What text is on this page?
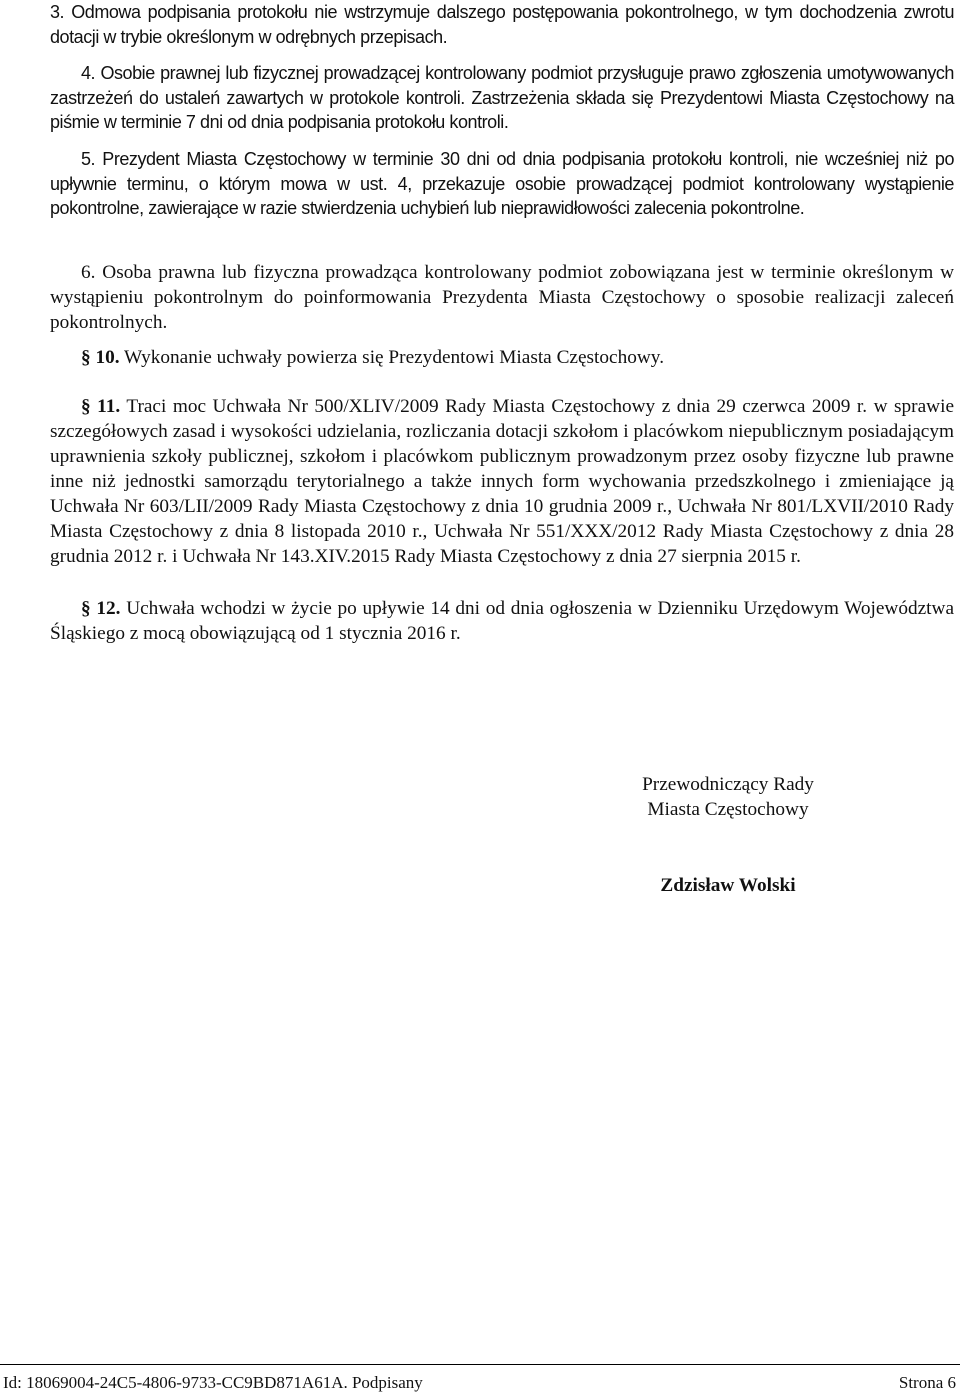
3. Odmowa podpisania protokołu nie wstrzymuje dalszego postępowania pokontrolnego, w tym dochodzenia zwrotu dotacji w trybie określonym w odrębnych przepisach.

4. Osobie prawnej lub fizycznej prowadzącej kontrolowany podmiot przysługuje prawo zgłoszenia umotywowanych zastrzeżeń do ustaleń zawartych w protokole kontroli. Zastrzeżenia składa się Prezydentowi Miasta Częstochowy na piśmie w terminie 7 dni od dnia podpisania protokołu kontroli.

5. Prezydent Miasta Częstochowy w terminie 30 dni od dnia podpisania protokołu kontroli, nie wcześniej niż po upływnie terminu, o którym mowa w ust. 4, przekazuje osobie prowadzącej podmiot kontrolowany wystąpienie pokontrolne, zawierające w razie stwierdzenia uchybień lub nieprawidłowości zalecenia pokontrolne.

6. Osoba prawna lub fizyczna prowadząca kontrolowany podmiot zobowiązana jest w terminie określonym w wystąpieniu pokontrolnym do poinformowania Prezydenta Miasta Częstochowy o sposobie realizacji zaleceń pokontrolnych.

§ 10. Wykonanie uchwały powierza się Prezydentowi Miasta Częstochowy.

§ 11. Traci moc Uchwała Nr 500/XLIV/2009 Rady Miasta Częstochowy z dnia 29 czerwca 2009 r. w sprawie szczegółowych zasad i wysokości udzielania, rozliczania dotacji szkołom i placówkom niepublicznym posiadającym uprawnienia szkoły publicznej, szkołom i placówkom publicznym prowadzonym przez osoby fizyczne lub prawne inne niż jednostki samorządu terytorialnego a także innych form wychowania przedszkolnego i zmieniające ją Uchwała Nr 603/LII/2009 Rady Miasta Częstochowy z dnia 10 grudnia 2009 r., Uchwała Nr 801/LXVII/2010 Rady Miasta Częstochowy z dnia 8 listopada 2010 r., Uchwała Nr 551/XXX/2012 Rady Miasta Częstochowy z dnia 28 grudnia 2012 r. i Uchwała Nr 143.XIV.2015 Rady Miasta Częstochowy z dnia 27 sierpnia 2015 r.

§ 12. Uchwała wchodzi w życie po upływie 14 dni od dnia ogłoszenia w Dzienniku Urzędowym Województwa Śląskiego z mocą obowiązującą od 1 stycznia 2016 r.

Przewodniczący Rady

Miasta Częstochowy

Zdzisław Wolski

Id: 18069004-24C5-4806-9733-CC9BD871A61A. Podpisany	Strona 6
